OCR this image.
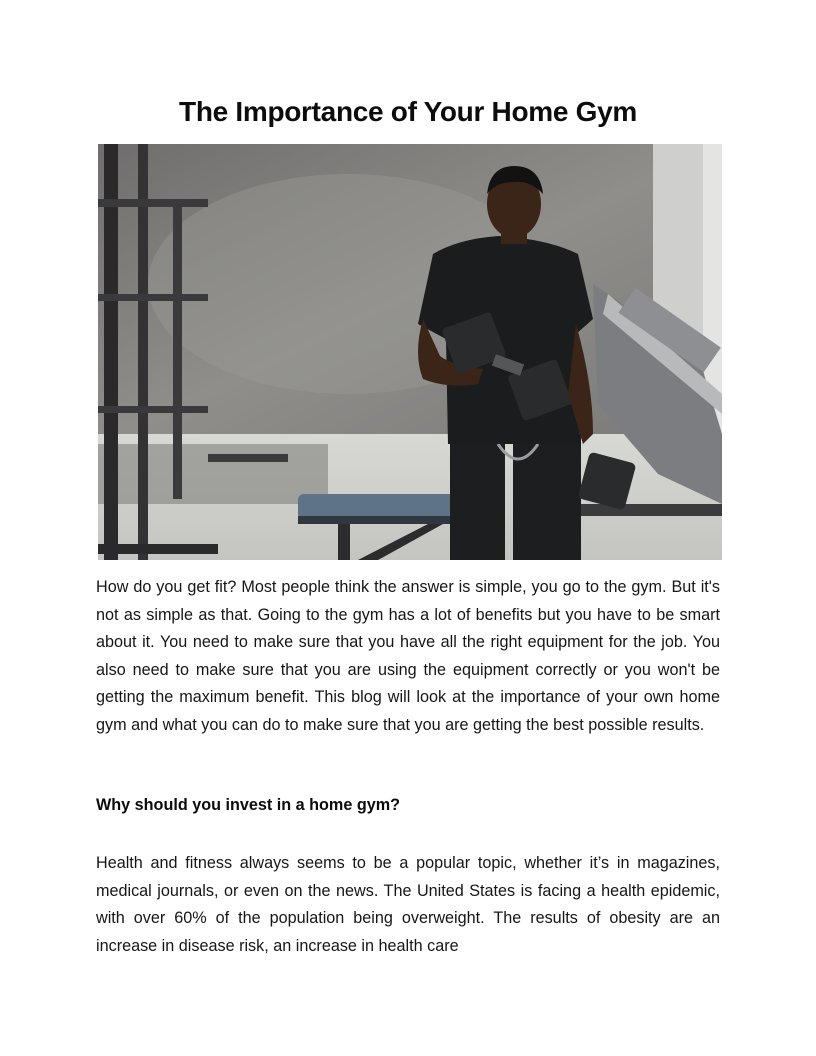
The Importance of Your Home Gym
How do you get fit? Most people think the answer is simple, you go to the gym. But it's not as simple as that. Going to the gym has a lot of benefits but you have to be smart about it. You need to make sure that you have all the right equipment for the job. You also need to make sure that you are using the equipment correctly or you won't be getting the maximum benefit. This blog will look at the importance of your own home gym and what you can do to make sure that you are getting the best possible results.
Why should you invest in a home gym?
Health and fitness always seems to be a popular topic, whether it’s in magazines, medical journals, or even on the news. The United States is facing a health epidemic, with over 60% of the population being overweight. The results of obesity are an increase in disease risk, an increase in health care
